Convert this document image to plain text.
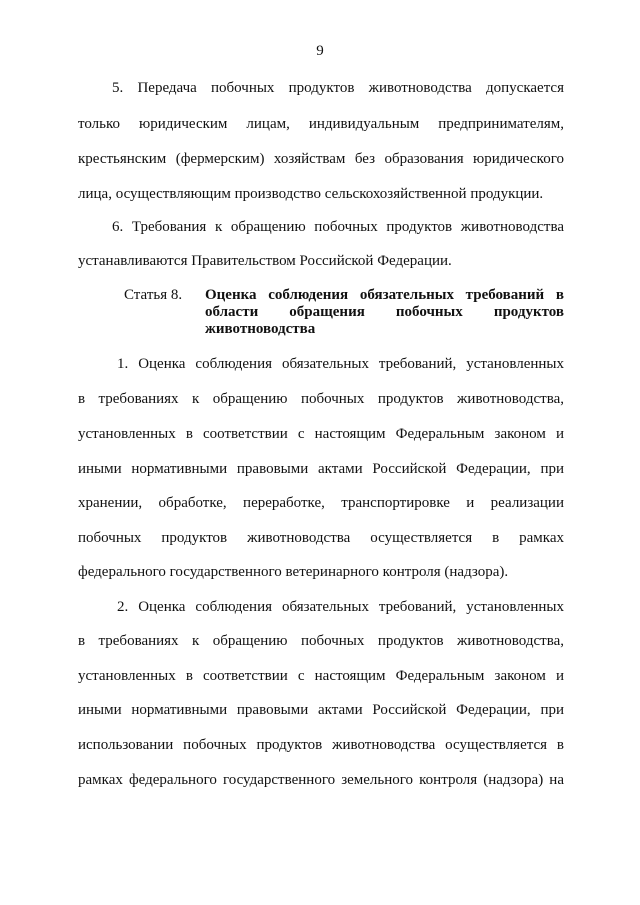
9
5. Передача побочных продуктов животноводства допускается
только юридическим лицам, индивидуальным предпринимателям,
крестьянским (фермерским) хозяйствам без образования юридического
лица, осуществляющим производство сельскохозяйственной продукции.
6. Требования к обращению побочных продуктов животноводства
устанавливаются Правительством Российской Федерации.
Статья 8. Оценка соблюдения обязательных требований в
области обращения побочных продуктов
животноводства
1. Оценка соблюдения обязательных требований, установленных
в требованиях к обращению побочных продуктов животноводства,
установленных в соответствии с настоящим Федеральным законом и
иными нормативными правовыми актами Российской Федерации, при
хранении, обработке, переработке, транспортировке и реализации
побочных продуктов животноводства осуществляется в рамках
федерального государственного ветеринарного контроля (надзора).
2. Оценка соблюдения обязательных требований, установленных
в требованиях к обращению побочных продуктов животноводства,
установленных в соответствии с настоящим Федеральным законом и
иными нормативными правовыми актами Российской Федерации, при
использовании побочных продуктов животноводства осуществляется в
рамках федерального государственного земельного контроля (надзора) на
